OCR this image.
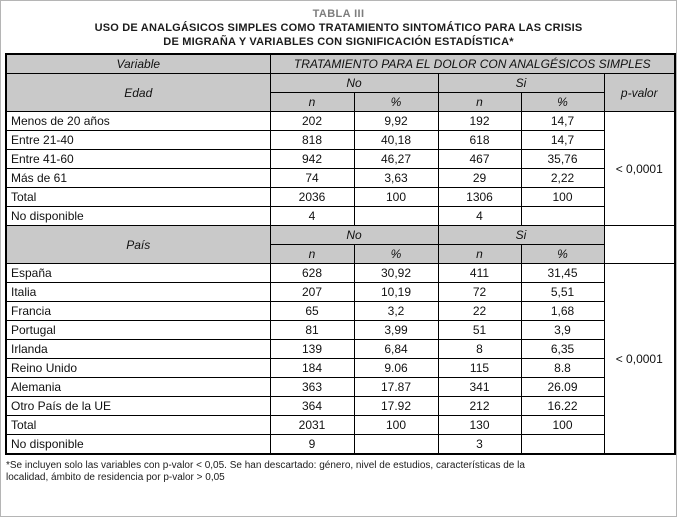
TABLA III
USO DE ANALGÁSICOS SIMPLES COMO TRATAMIENTO SINTOMÁTICO PARA LAS CRISIS
DE MIGRAÑA Y VARIABLES CON SIGNIFICACIÓN ESTADÍSTICA*
Variable	TRATAMIENTO PARA EL DOLOR CON ANALGÉSICOS SIMPLES				
Edad	No		Si		p-valor
	n	%	n	%	
Menos de 20 años	202	9,92	192	14,7	< 0,0001
Entre 21-40	818	40,18	618	14,7	
Entre 41-60	942	46,27	467	35,76	
Más de 61	74	3,63	29	2,22	
Total	2036	100	1306	100	
No disponible	4		4		
País	No		Si		
	n	%	n	%	
España	628	30,92	411	31,45	< 0,0001
Italia	207	10,19	72	5,51	
Francia	65	3,2	22	1,68	
Portugal	81	3,99	51	3,9	
Irlanda	139	6,84	8	6,35	
Reino Unido	184	9.06	115	8.8	
Alemania	363	17.87	341	26.09	
Otro País de la UE	364	17.92	212	16.22	
Total	2031	100	130	100	
No disponible	9		3		
*Se incluyen solo las variables con p-valor < 0,05. Se han descartado: género, nivel de estudios, características de la
localidad, ámbito de residencia por p-valor > 0,05
